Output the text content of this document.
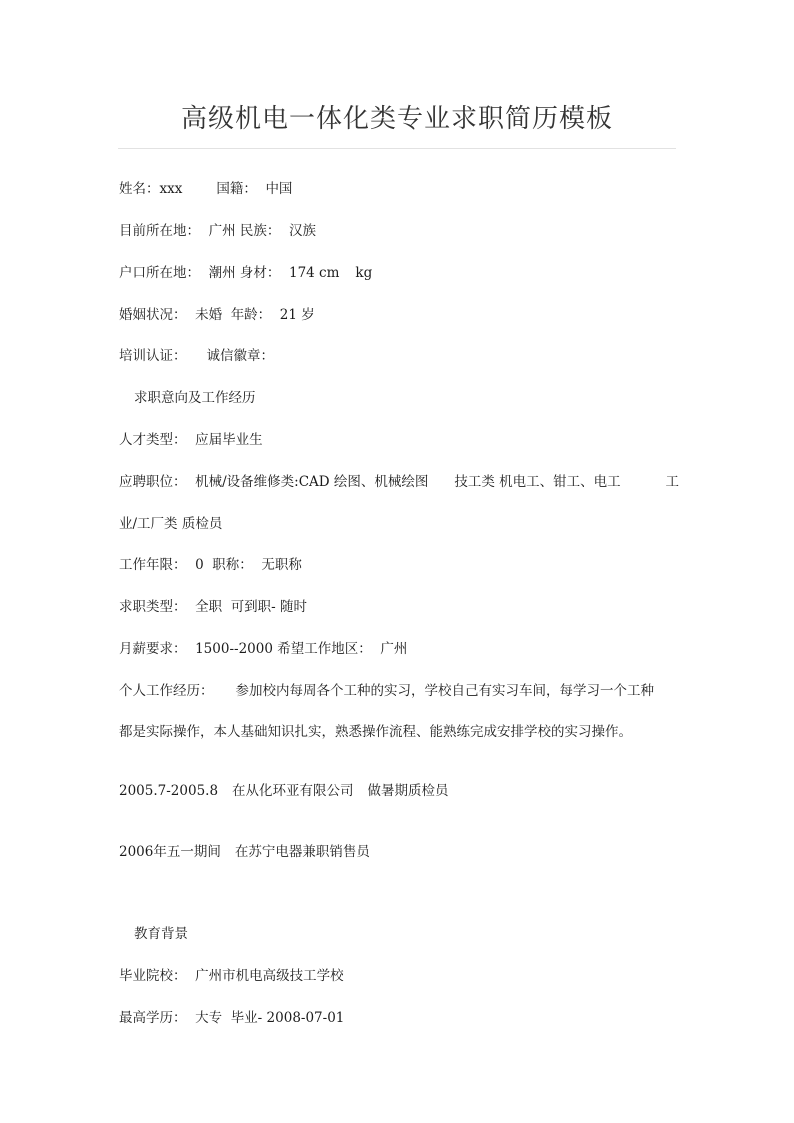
高级机电一体化类专业求职简历模板
姓名：xxx	国籍： 中国
目前所在地： 广州 民族： 汉族
户口所在地： 潮州 身材： 174 cm kg
婚姻状况： 未婚 年龄： 21 岁
培训认证： 诚信徽章：
求职意向及工作经历
人才类型： 应届毕业生
应聘职位： 机械/设备维修类:CAD 绘图、机械绘图 技工类 机电工、钳工、电工	工
业/工厂类 质检员
工作年限： 0 职称： 无职称
求职类型： 全职 可到职- 随时
月薪要求： 1500--2000 希望工作地区： 广州
个人工作经历： 参加校内每周各个工种的实习，学校自己有实习车间，每学习一个工种
都是实际操作，本人基础知识扎实，熟悉操作流程、能熟练完成安排学校的实习操作。
2005.7-2005.8 在从化环亚有限公司 做暑期质检员
2006年五一期间 在苏宁电器兼职销售员
教育背景
毕业院校： 广州市机电高级技工学校
最高学历： 大专 毕业- 2008-07-01
